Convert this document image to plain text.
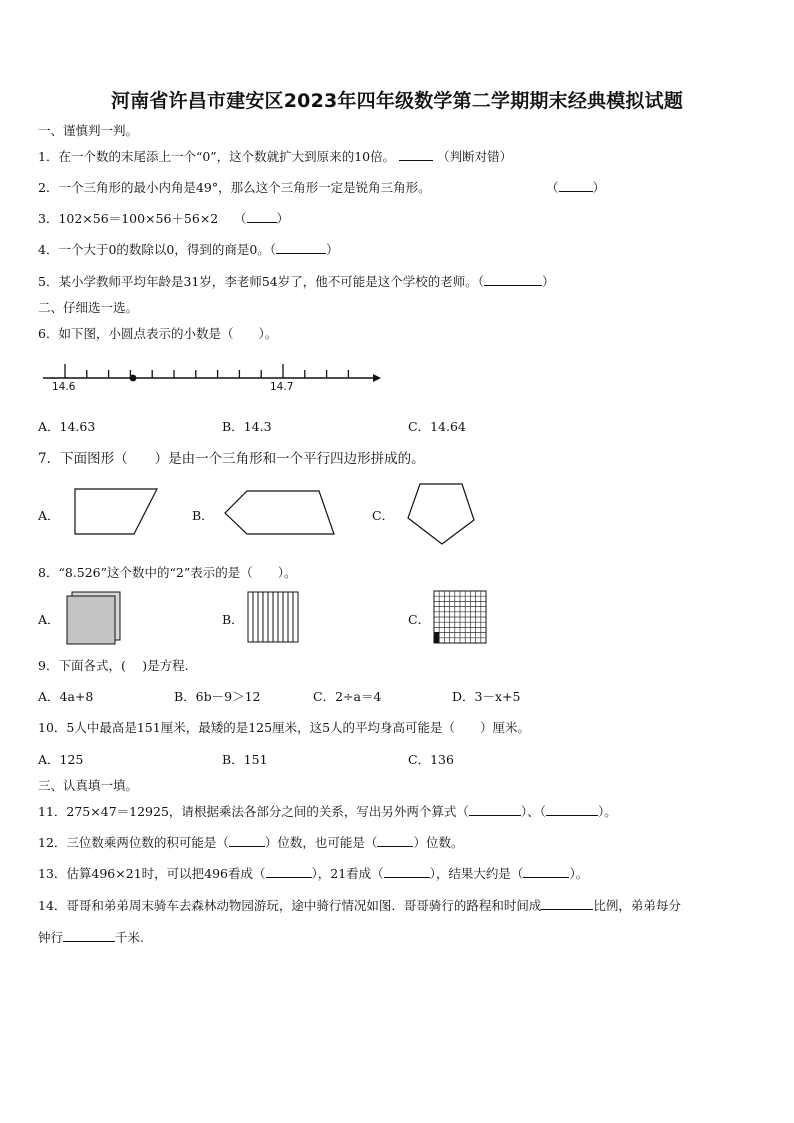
河南省许昌市建安区2023年四年级数学第二学期期末经典模拟试题
一、谨慎判一判。
1．在一个数的末尾添上一个“0”，这个数就扩大到原来的10倍。	（判断对错）
2．一个三角形的最小内角是49°，那么这个三角形一定是锐角三角形。	（	）
3．102×56＝100×56＋56×2 （ ）
4．一个大于0的数除以0，得到的商是0。（	）
5．某小学教师平均年龄是31岁，李老师54岁了，他不可能是这个学校的老师。（	）
二、仔细选一选。
6．如下图，小圆点表示的小数是（　　）。
14.6	14.7
A．14.63	B．14.3	C．14.64
7．下面图形（　　）是由一个三角形和一个平行四边形拼成的。
A．	B．	C．
8．“8.526”这个数中的“2”表示的是（　　）。
A．	B．	C．
9．下面各式，(　 )是方程.
A．4a+8	B．6b－9＞12	C．2÷a＝4	D．3－x+5
10．5人中最高是151厘米，最矮的是125厘米，这5人的平均身高可能是（　　）厘米。
A．125	B．151	C．136
三、认真填一填。
11．275×47＝12925，请根据乘法各部分之间的关系，写出另外两个算式（	）、（	）。
12．三位数乘两位数的积可能是（	）位数，也可能是（	）位数。
13．估算496×21时，可以把496看成（	），21看成（	），结果大约是（	）。
14．哥哥和弟弟周末骑车去森林动物园游玩，途中骑行情况如图．哥哥骑行的路程和时间成	比例，弟弟每分
钟行	千米.
